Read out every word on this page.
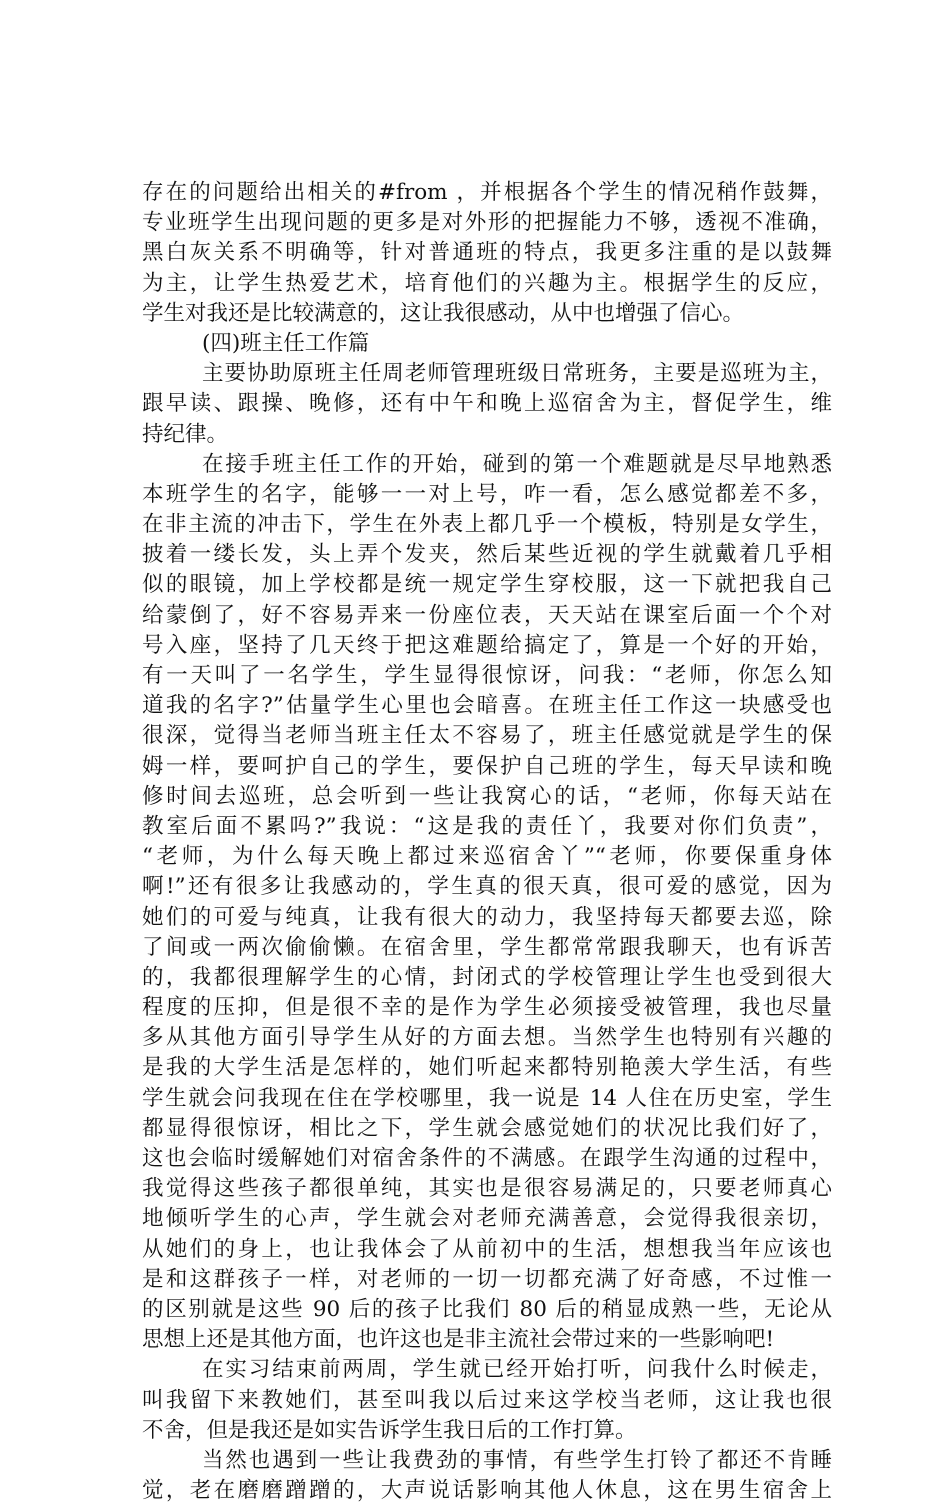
存在的问题给出相关的#from ，并根据各个学生的情况稍作鼓舞，
专业班学生出现问题的更多是对外形的把握能力不够，透视不准确，
黑白灰关系不明确等，针对普通班的特点，我更多注重的是以鼓舞
为主，让学生热爱艺术，培育他们的兴趣为主。根据学生的反应，
学生对我还是比较满意的，这让我很感动，从中也增强了信心。
(四)班主任工作篇
主要协助原班主任周老师管理班级日常班务，主要是巡班为主，
跟早读、跟操、晚修，还有中午和晚上巡宿舍为主，督促学生，维
持纪律。
在接手班主任工作的开始，碰到的第一个难题就是尽早地熟悉
本班学生的名字，能够一一对上号，咋一看，怎么感觉都差不多，
在非主流的冲击下，学生在外表上都几乎一个模板，特别是女学生，
披着一缕长发，头上弄个发夹，然后某些近视的学生就戴着几乎相
似的眼镜，加上学校都是统一规定学生穿校服，这一下就把我自己
给蒙倒了，好不容易弄来一份座位表，天天站在课室后面一个个对
号入座，坚持了几天终于把这难题给搞定了，算是一个好的开始，
有一天叫了一名学生，学生显得很惊讶，问我：“老师，你怎么知
道我的名字?”估量学生心里也会暗喜。在班主任工作这一块感受也
很深，觉得当老师当班主任太不容易了，班主任感觉就是学生的保
姆一样，要呵护自己的学生，要保护自己班的学生，每天早读和晚
修时间去巡班，总会听到一些让我窝心的话，“老师，你每天站在
教室后面不累吗?”我说：“这是我的责任丫，我要对你们负责”，
“老师，为什么每天晚上都过来巡宿舍丫”“老师，你要保重身体
啊!”还有很多让我感动的，学生真的很天真，很可爱的感觉，因为
她们的可爱与纯真，让我有很大的动力，我坚持每天都要去巡，除
了间或一两次偷偷懒。在宿舍里，学生都常常跟我聊天，也有诉苦
的，我都很理解学生的心情，封闭式的学校管理让学生也受到很大
程度的压抑，但是很不幸的是作为学生必须接受被管理，我也尽量
多从其他方面引导学生从好的方面去想。当然学生也特别有兴趣的
是我的大学生活是怎样的，她们听起来都特别艳羡大学生活，有些
学生就会问我现在住在学校哪里，我一说是 14 人住在历史室，学生
都显得很惊讶，相比之下，学生就会感觉她们的状况比我们好了，
这也会临时缓解她们对宿舍条件的不满感。在跟学生沟通的过程中，
我觉得这些孩子都很单纯，其实也是很容易满足的，只要老师真心
地倾听学生的心声，学生就会对老师充满善意，会觉得我很亲切，
从她们的身上，也让我体会了从前初中的生活，想想我当年应该也
是和这群孩子一样，对老师的一切一切都充满了好奇感，不过惟一
的区别就是这些 90 后的孩子比我们 80 后的稍显成熟一些，无论从
思想上还是其他方面，也许这也是非主流社会带过来的一些影响吧!
在实习结束前两周，学生就已经开始打听，问我什么时候走，
叫我留下来教她们，甚至叫我以后过来这学校当老师，这让我也很
不舍，但是我还是如实告诉学生我日后的工作打算。
当然也遇到一些让我费劲的事情，有些学生打铃了都还不肯睡
觉，老在磨磨蹭蹭的，大声说话影响其他人休息，这在男生宿舍上
